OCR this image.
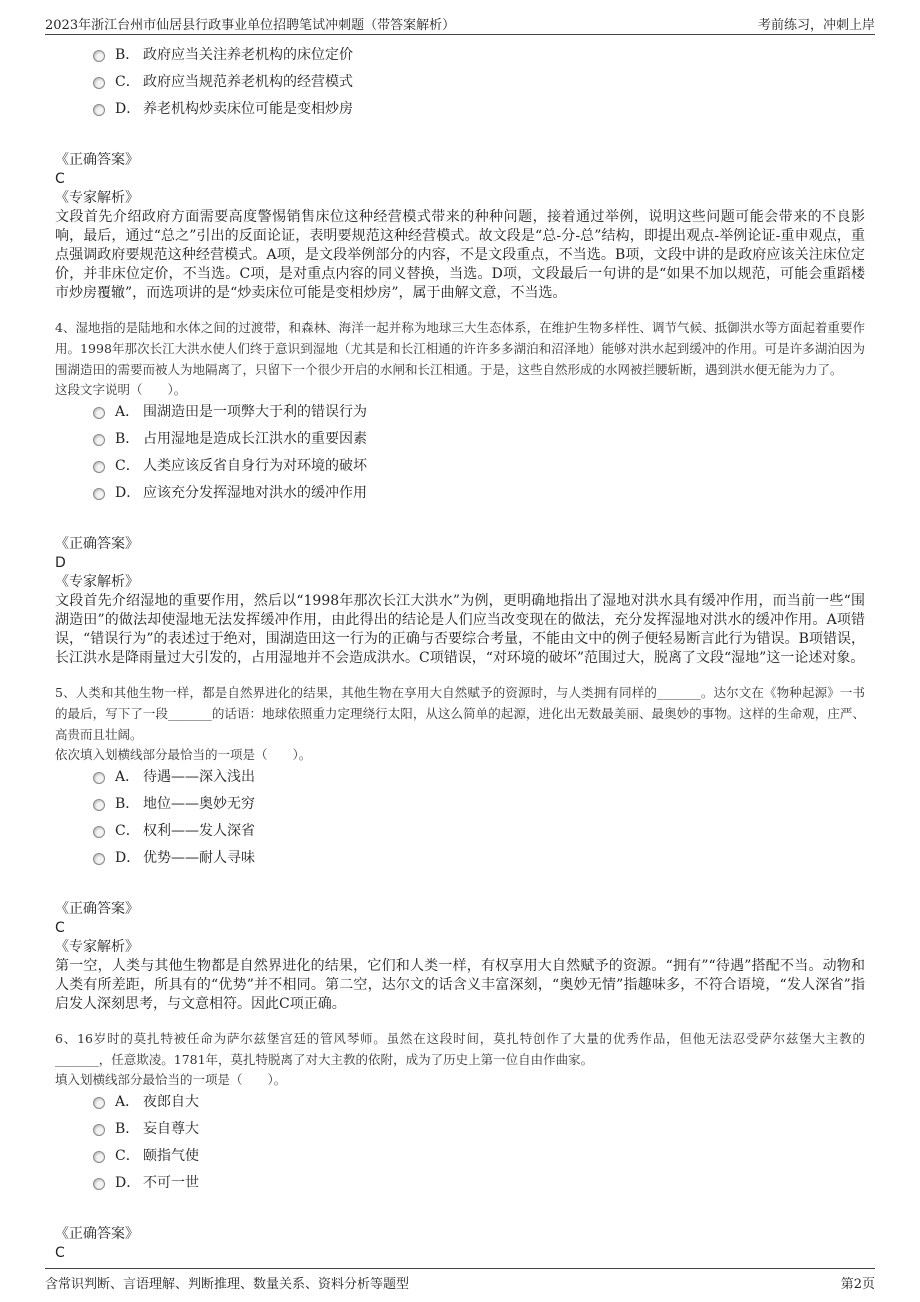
2023年浙江台州市仙居县行政事业单位招聘笔试冲刺题（带答案解析）	考前练习，冲刺上岸
B． 政府应当关注养老机构的床位定价
C． 政府应当规范养老机构的经营模式
D． 养老机构炒卖床位可能是变相炒房
《正确答案》
C
《专家解析》
文段首先介绍政府方面需要高度警惕销售床位这种经营模式带来的种种问题，接着通过举例，说明这些问题可能会带来的不良影响，最后，通过“总之”引出的反面论证，表明要规范这种经营模式。故文段是“总-分-总”结构，即提出观点-举例论证-重申观点，重点强调政府要规范这种经营模式。A项，是文段举例部分的内容，不是文段重点，不当选。B项，文段中讲的是政府应该关注床位定价，并非床位定价，不当选。C项，是对重点内容的同义替换，当选。D项，文段最后一句讲的是“如果不加以规范，可能会重蹈楼市炒房覆辙”，而选项讲的是“炒卖床位可能是变相炒房”，属于曲解文意，不当选。
4、湿地指的是陆地和水体之间的过渡带，和森林、海洋一起并称为地球三大生态体系，在维护生物多样性、调节气候、抵御洪水等方面起着重要作用。1998年那次长江大洪水使人们终于意识到湿地（尤其是和长江相通的许许多多湖泊和沼泽地）能够对洪水起到缓冲的作用。可是许多湖泊因为围湖造田的需要而被人为地隔离了，只留下一个很少开启的水闸和长江相通。于是，这些自然形成的水网被拦腰斩断，遇到洪水便无能为力了。
这段文字说明（　　）。
A． 围湖造田是一项弊大于利的错误行为
B． 占用湿地是造成长江洪水的重要因素
C． 人类应该反省自身行为对环境的破坏
D． 应该充分发挥湿地对洪水的缓冲作用
《正确答案》
D
《专家解析》
文段首先介绍湿地的重要作用，然后以“1998年那次长江大洪水”为例，更明确地指出了湿地对洪水具有缓冲作用，而当前一些“围湖造田”的做法却使湿地无法发挥缓冲作用，由此得出的结论是人们应当改变现在的做法，充分发挥湿地对洪水的缓冲作用。A项错误，“错误行为”的表述过于绝对，围湖造田这一行为的正确与否要综合考量，不能由文中的例子便轻易断言此行为错误。B项错误，长江洪水是降雨量过大引发的，占用湿地并不会造成洪水。C项错误，“对环境的破坏”范围过大，脱离了文段“湿地”这一论述对象。
5、人类和其他生物一样，都是自然界进化的结果，其他生物在享用大自然赋予的资源时，与人类拥有同样的_______。达尔文在《物种起源》一书的最后，写下了一段_______的话语：地球依照重力定理绕行太阳，从这么简单的起源，进化出无数最美丽、最奥妙的事物。这样的生命观，庄严、高贵而且壮阔。
依次填入划横线部分最恰当的一项是（　　）。
A． 待遇——深入浅出
B． 地位——奥妙无穷
C． 权利——发人深省
D． 优势——耐人寻味
《正确答案》
C
《专家解析》
第一空，人类与其他生物都是自然界进化的结果，它们和人类一样，有权享用大自然赋予的资源。“拥有”“待遇”搭配不当。动物和人类有所差距，所具有的“优势”并不相同。第二空，达尔文的话含义丰富深刻，“奥妙无情”指趣味多，不符合语境，“发人深省”指启发人深刻思考，与文意相符。因此C项正确。
6、16岁时的莫扎特被任命为萨尔兹堡宫廷的管风琴师。虽然在这段时间，莫扎特创作了大量的优秀作品，但他无法忍受萨尔兹堡大主教的_______，任意欺凌。1781年，莫扎特脱离了对大主教的依附，成为了历史上第一位自由作曲家。
填入划横线部分最恰当的一项是（　　）。
A． 夜郎自大
B． 妄自尊大
C． 颐指气使
D． 不可一世
《正确答案》
C
含常识判断、言语理解、判断推理、数量关系、资料分析等题型	第2页
